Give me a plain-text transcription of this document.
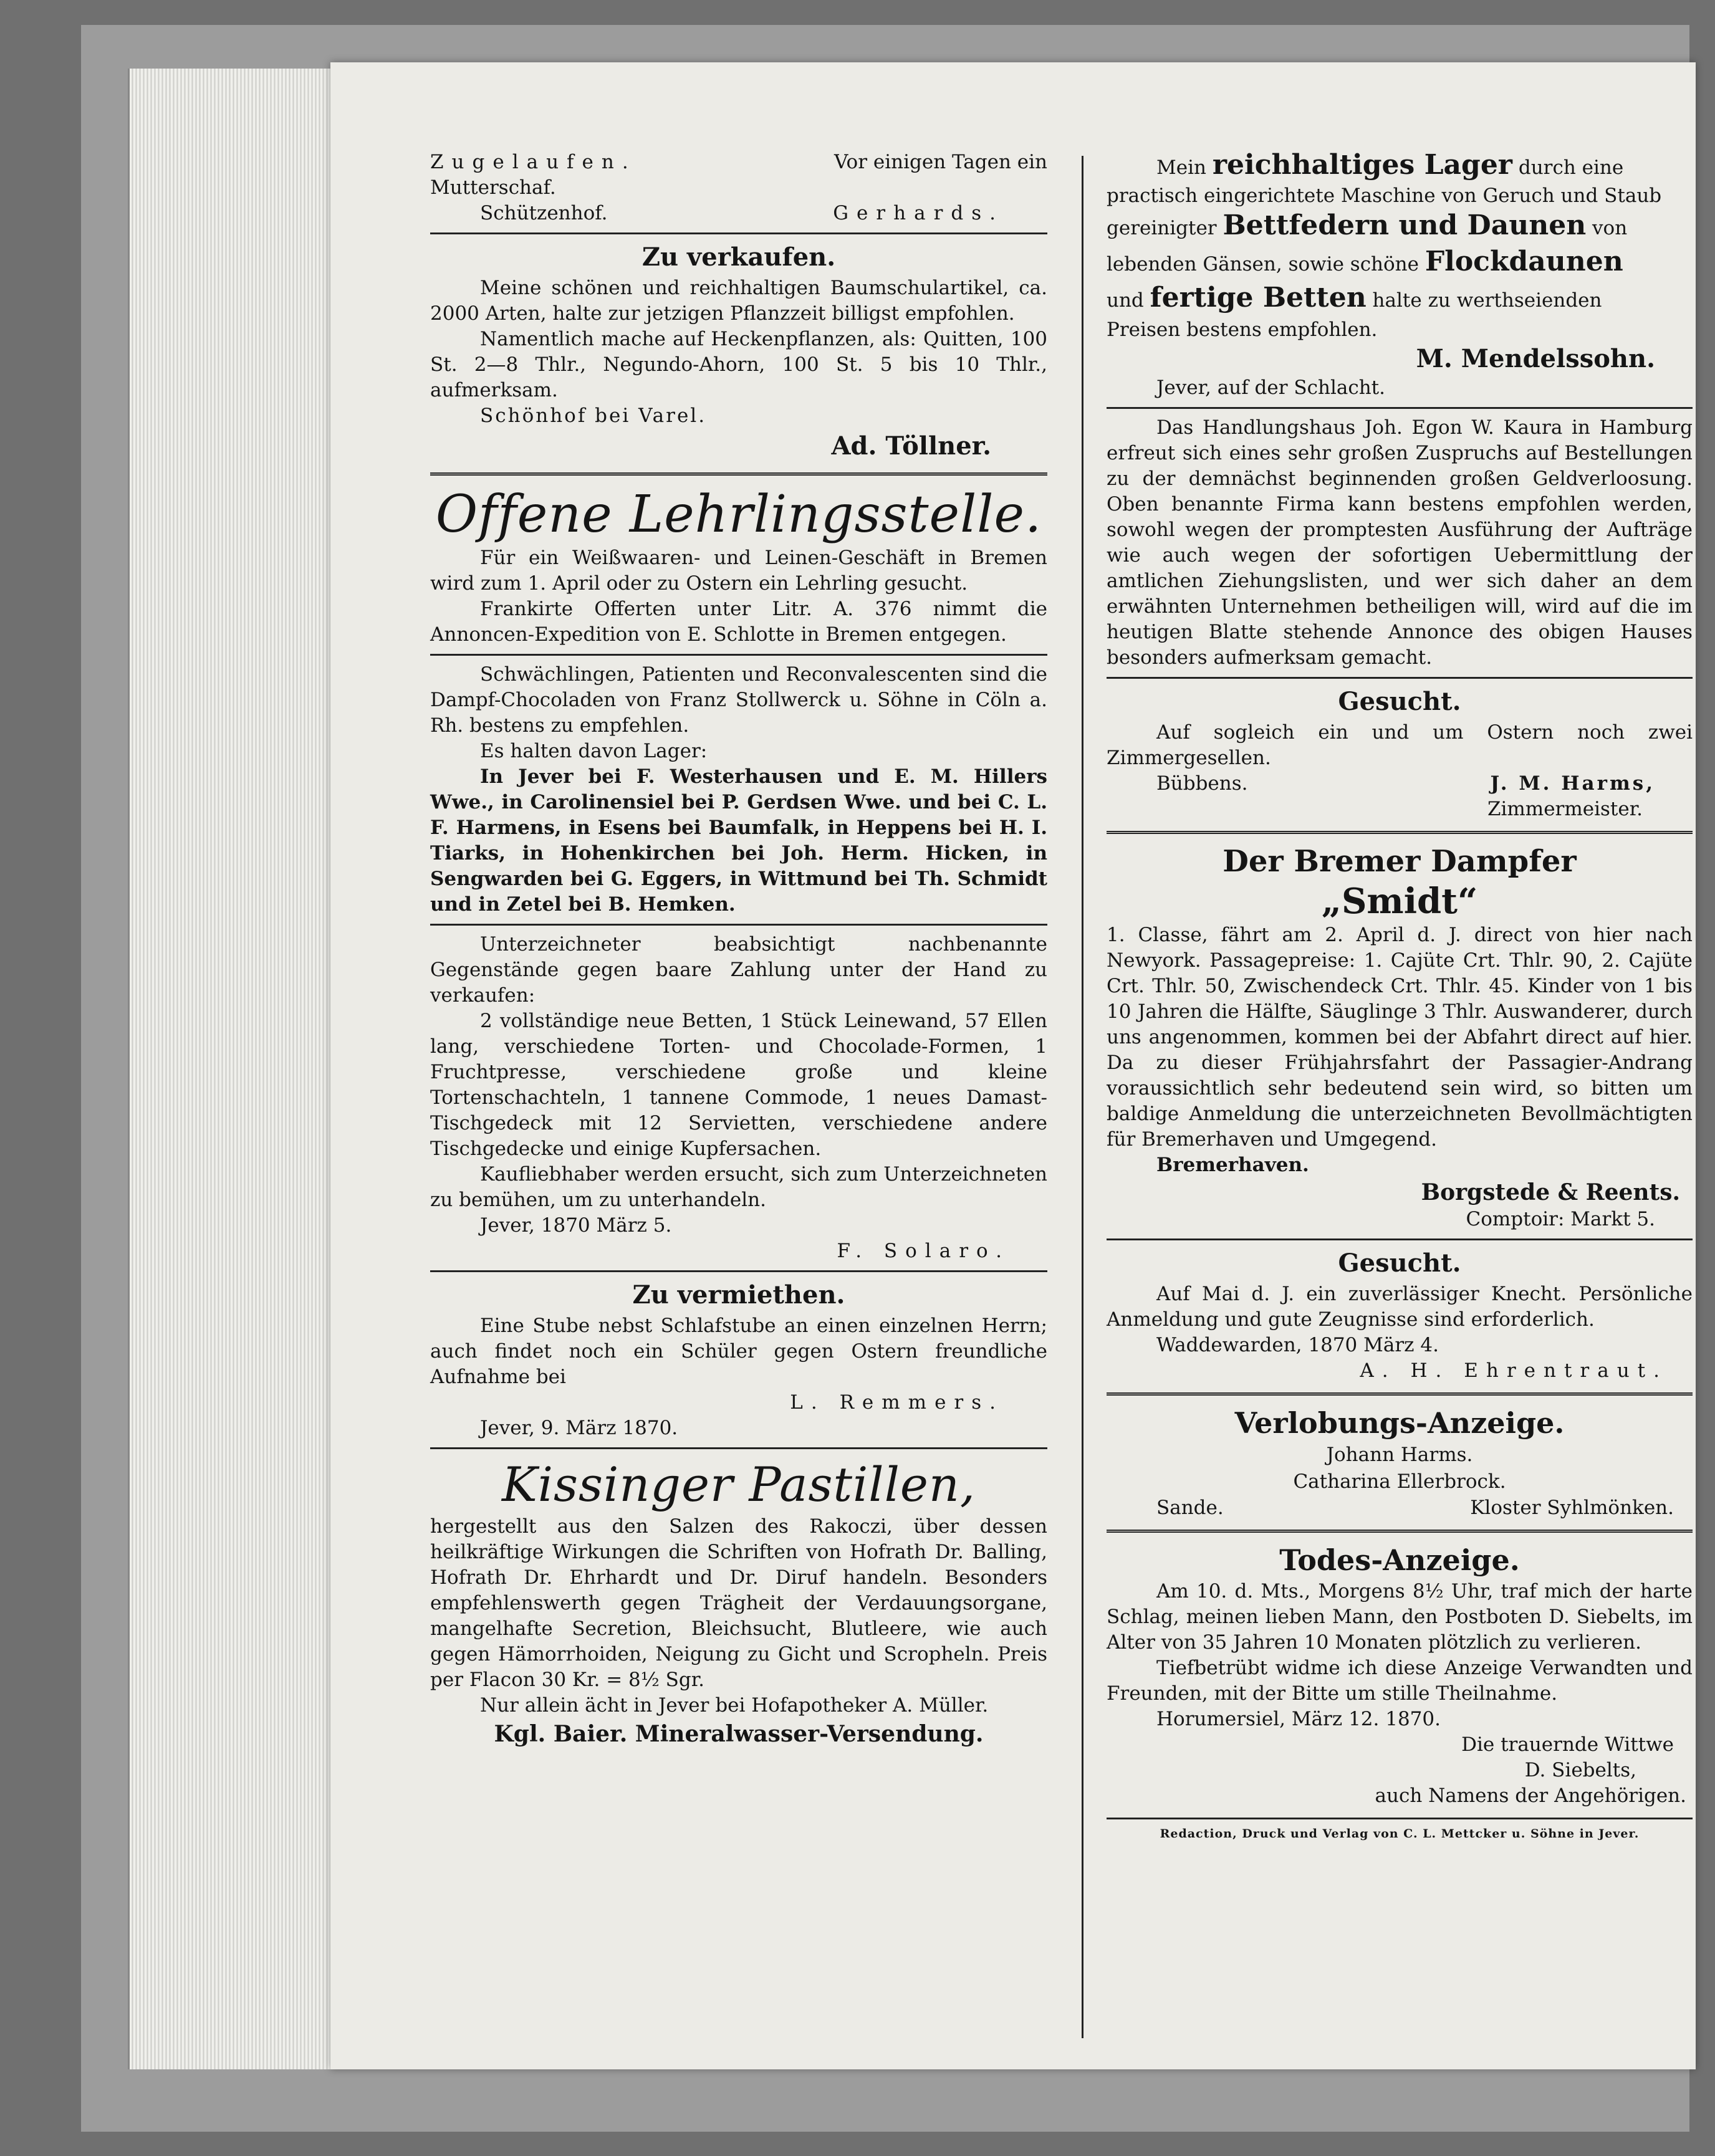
Zugelaufen.	Vor einigen Tagen ein

Mutterschaf.

Schützenhof.	Gerhards.
Zu verkaufen.

Meine schönen und reichhaltigen Baumschulartikel, ca. 2000 Arten, halte zur jetzigen Pflanzzeit billigst empfohlen.

Namentlich mache auf Heckenpflanzen, als: Quitten, 100 St. 2—8 Thlr., Negundo-Ahorn, 100 St. 5 bis 10 Thlr., aufmerksam.

Schönhof bei Varel.

Ad. Töllner.
Offene Lehrlingsstelle.

Für ein Weißwaaren- und Leinen-Geschäft in Bremen wird zum 1. April oder zu Ostern ein Lehrling gesucht.

Frankirte Offerten unter Litr. A. 376 nimmt die Annoncen-Expedition von E. Schlotte in Bremen entgegen.

Schwächlingen, Patienten und Reconvalescenten sind die Dampf-Chocoladen von Franz Stollwerck u. Söhne in Cöln a. Rh. bestens zu empfehlen.

Es halten davon Lager:

In Jever bei F. Westerhausen und E. M. Hillers Wwe., in Carolinensiel bei P. Gerdsen Wwe. und bei C. L. F. Harmens, in Esens bei Baumfalk, in Heppens bei H. I. Tiarks, in Hohenkirchen bei Joh. Herm. Hicken, in Sengwarden bei G. Eggers, in Wittmund bei Th. Schmidt und in Zetel bei B. Hemken.

Unterzeichneter beabsichtigt nachbenannte Gegenstände gegen baare Zahlung unter der Hand zu verkaufen:

2 vollständige neue Betten, 1 Stück Leinewand, 57 Ellen lang, verschiedene Torten- und Chocolade-Formen, 1 Fruchtpresse, verschiedene große und kleine Tortenschachteln, 1 tannene Commode, 1 neues Damast-Tischgedeck mit 12 Servietten, verschiedene andere Tischgedecke und einige Kupfersachen.

Kaufliebhaber werden ersucht, sich zum Unterzeichneten zu bemühen, um zu unterhandeln.

Jever, 1870 März 5.

F. Solaro.
Zu vermiethen.

Eine Stube nebst Schlafstube an einen einzelnen Herrn; auch findet noch ein Schüler gegen Ostern freundliche Aufnahme bei

L. Remmers.

Jever, 9. März 1870.

Kissinger Pastillen,

hergestellt aus den Salzen des Rakoczi, über dessen heilkräftige Wirkungen die Schriften von Hofrath Dr. Balling, Hofrath Dr. Ehrhardt und Dr. Diruf handeln. Besonders empfehlenswerth gegen Trägheit der Verdauungsorgane, mangelhafte Secretion, Bleichsucht, Blutleere, wie auch gegen Hämorrhoiden, Neigung zu Gicht und Scropheln. Preis per Flacon 30 Kr. = 8½ Sgr.

Nur allein ächt in Jever bei Hofapotheker A. Müller.

Kgl. Baier. Mineralwasser-Versendung.

Mein reichhaltiges Lager durch eine

practisch eingerichtete Maschine von Geruch und Staub

gereinigter Bettfedern und Daunen von

lebenden Gänsen, sowie schöne Flockdaunen

und fertige Betten halte zu werthseienden

Preisen bestens empfohlen.

M. Mendelssohn.

Jever, auf der Schlacht.

Das Handlungshaus Joh. Egon W. Kaura in Hamburg erfreut sich eines sehr großen Zuspruchs auf Bestellungen zu der demnächst beginnenden großen Geldverloosung. Oben benannte Firma kann bestens empfohlen werden, sowohl wegen der promptesten Ausführung der Aufträge wie auch wegen der sofortigen Uebermittlung der amtlichen Ziehungslisten, und wer sich daher an dem erwähnten Unternehmen betheiligen will, wird auf die im heutigen Blatte stehende Annonce des obigen Hauses besonders aufmerksam gemacht.

Gesucht.

Auf sogleich ein und um Ostern noch zwei Zimmergesellen.

Bübbens.	J. M. Harms,
Zimmermeister.
Der Bremer Dampfer
„Smidt“

1. Classe, fährt am 2. April d. J. direct von hier nach Newyork. Passagepreise: 1. Cajüte Crt. Thlr. 90, 2. Cajüte Crt. Thlr. 50, Zwischendeck Crt. Thlr. 45. Kinder von 1 bis 10 Jahren die Hälfte, Säuglinge 3 Thlr. Auswanderer, durch uns angenommen, kommen bei der Abfahrt direct auf hier. Da zu dieser Frühjahrsfahrt der Passagier-Andrang voraussichtlich sehr bedeutend sein wird, so bitten um baldige Anmeldung die unterzeichneten Bevollmächtigten für Bremerhaven und Umgegend.

Bremerhaven.

Borgstede & Reents.
Comptoir: Markt 5.
Gesucht.

Auf Mai d. J. ein zuverlässiger Knecht. Persönliche Anmeldung und gute Zeugnisse sind erforderlich.

Waddewarden, 1870 März 4.

A. H. Ehrentraut.
Verlobungs-Anzeige.
Johann Harms.
Catharina Ellerbrock.
Sande.	Kloster Syhlmönken.
Todes-Anzeige.

Am 10. d. Mts., Morgens 8½ Uhr, traf mich der harte Schlag, meinen lieben Mann, den Postboten D. Siebelts, im Alter von 35 Jahren 10 Monaten plötzlich zu verlieren.

Tiefbetrübt widme ich diese Anzeige Verwandten und Freunden, mit der Bitte um stille Theilnahme.

Horumersiel, März 12. 1870.

Die trauernde Wittwe
D. Siebelts,
auch Namens der Angehörigen.
Redaction, Druck und Verlag von C. L. Mettcker u. Söhne in Jever.
